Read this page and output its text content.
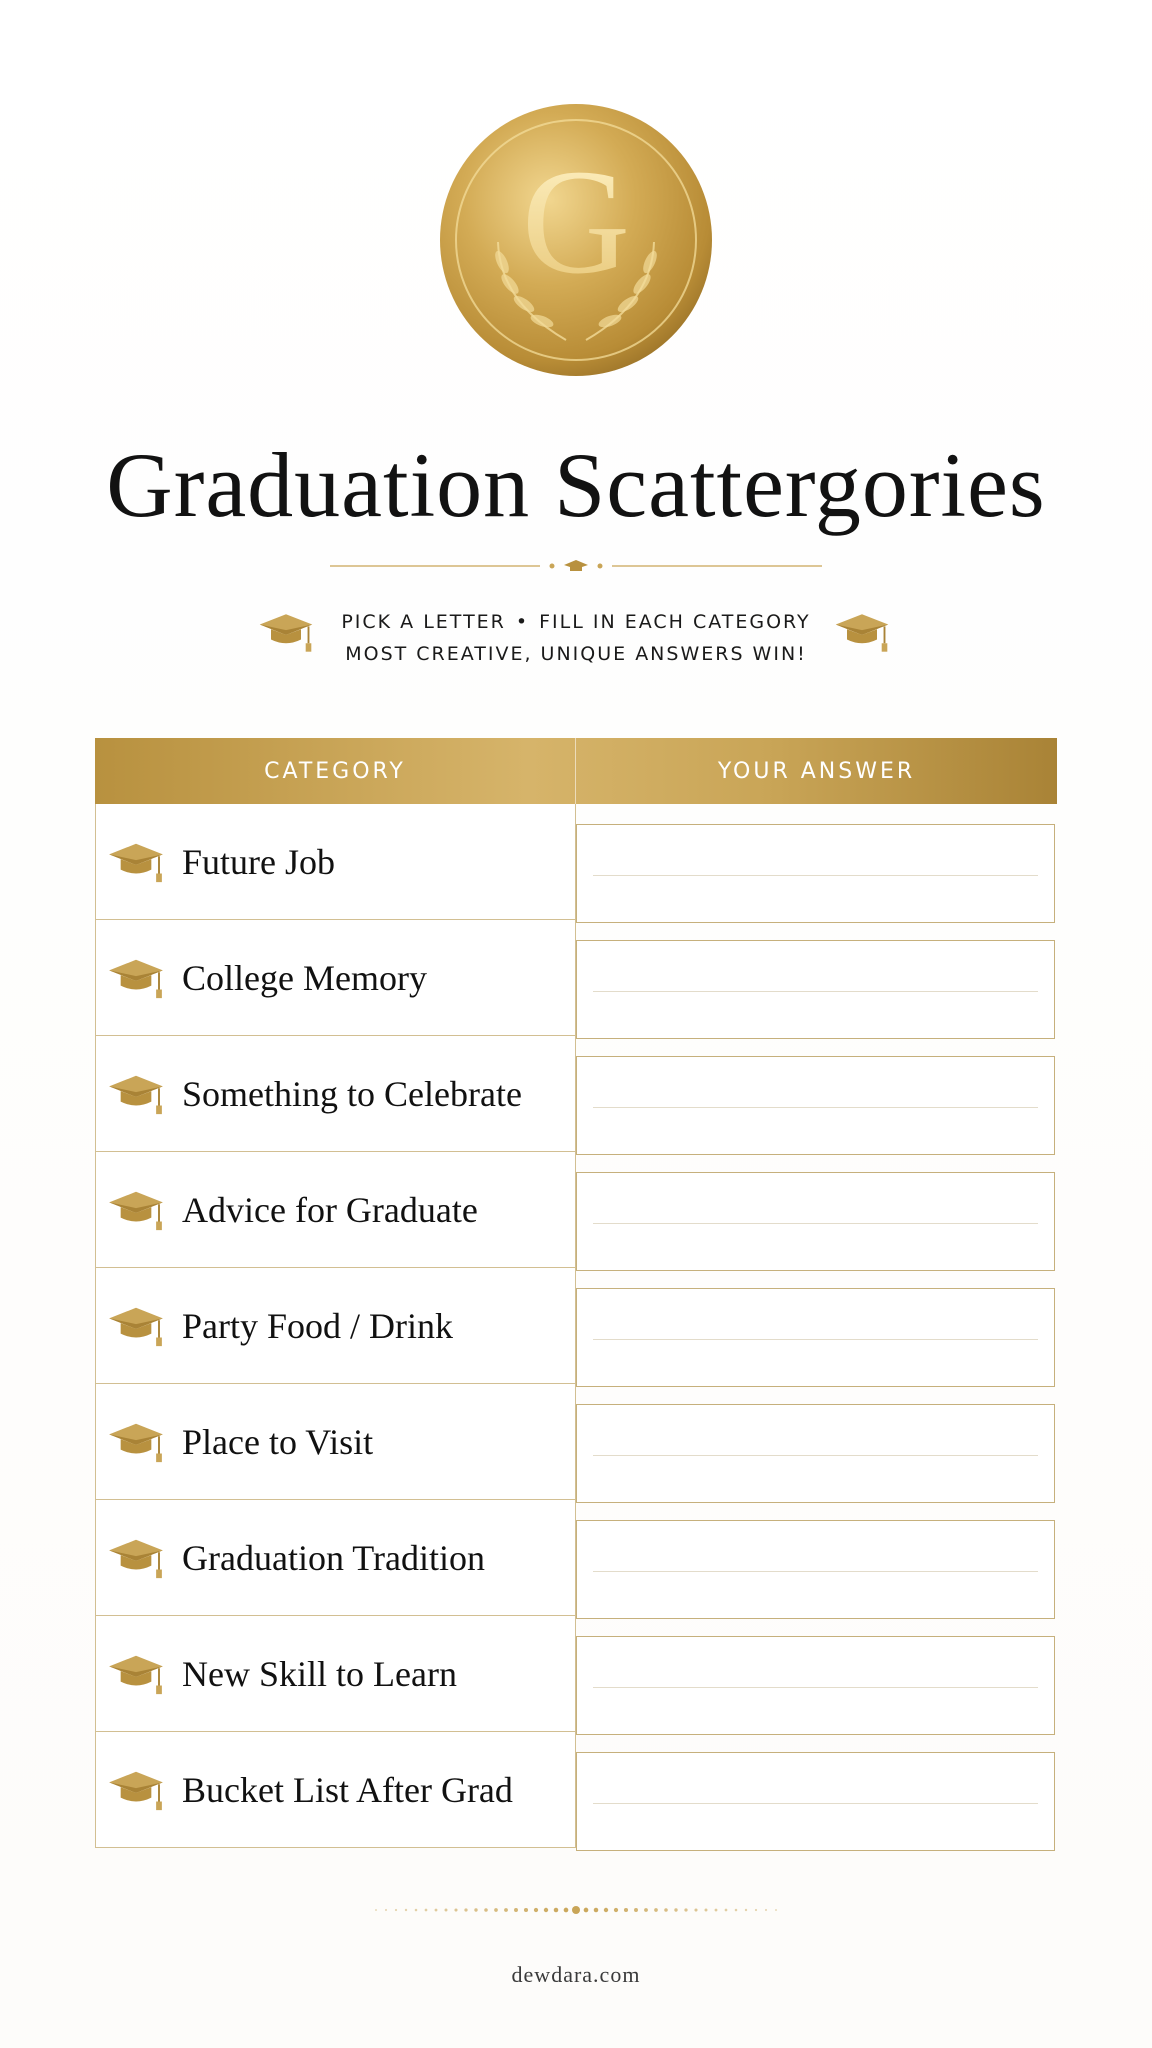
G
Graduation Scattergories
PICK A LETTER • FILL IN EACH CATEGORY
MOST CREATIVE, UNIQUE ANSWERS WIN!
CATEGORY	YOUR ANSWER
Future Job
College Memory
Something to Celebrate
Advice for Graduate
Party Food / Drink
Place to Visit
Graduation Tradition
New Skill to Learn
Bucket List After Grad
dewdara.com
